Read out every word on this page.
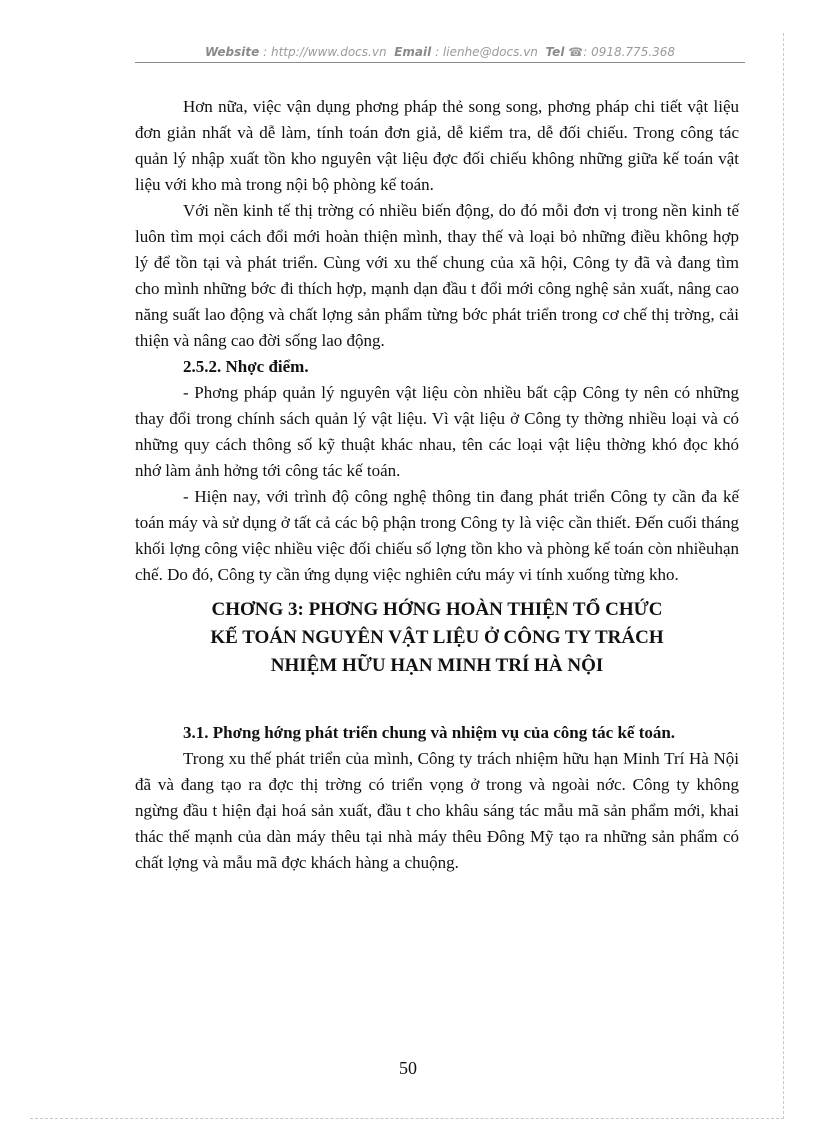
Website : http://www.docs.vn Email : lienhe@docs.vn Tel ☎: 0918.775.368

Hơn nữa, việc vận dụng phơng pháp thẻ song song, phơng pháp chi tiết vật liệu đơn giản nhất và dễ làm, tính toán đơn giả, dễ kiểm tra, dễ đối chiếu. Trong công tác quản lý nhập xuất tồn kho nguyên vật liệu đợc đối chiếu không những giữa kế toán vật liệu với kho mà trong nội bộ phòng kế toán.

Với nền kinh tế thị trờng có nhiều biến động, do đó mỗi đơn vị trong nền kinh tế luôn tìm mọi cách đổi mới hoàn thiện mình, thay thế và loại bỏ những điều không hợp lý để tồn tại và phát triển. Cùng với xu thế chung của xã hội, Công ty đã và đang tìm cho mình những bớc đi thích hợp, mạnh dạn đầu t đổi mới công nghệ sản xuất, nâng cao năng suất lao động và chất lợng sản phẩm từng bớc phát triển trong cơ chế thị trờng, cải thiện và nâng cao đời sống lao động.

2.5.2. Nhợc điểm.

- Phơng pháp quản lý nguyên vật liệu còn nhiều bất cập Công ty nên có những thay đổi trong chính sách quản lý vật liệu. Vì vật liệu ở Công ty thờng nhiều loại và có những quy cách thông số kỹ thuật khác nhau, tên các loại vật liệu thờng khó đọc khó nhớ làm ảnh hởng tới công tác kế toán.

- Hiện nay, với trình độ công nghệ thông tin đang phát triển Công ty cần đa kế toán máy và sử dụng ở tất cả các bộ phận trong Công ty là việc cần thiết. Đến cuối tháng khối lợng công việc nhiều việc đối chiếu số lợng tồn kho và phòng kế toán còn nhiềuhạn chế. Do đó, Công ty cần ứng dụng việc nghiên cứu máy vi tính xuống từng kho.

CHƠNG 3: PHƠNG HỚNG HOÀN THIỆN TỔ CHỨC
KẾ TOÁN NGUYÊN VẬT LIỆU Ở CÔNG TY TRÁCH
NHIỆM HỮU HẠN MINH TRÍ HÀ NỘI

3.1. Phơng hớng phát triển chung và nhiệm vụ của công tác kế toán.

Trong xu thế phát triển của mình, Công ty trách nhiệm hữu hạn Minh Trí Hà Nội đã và đang tạo ra đợc thị trờng có triển vọng ở trong và ngoài nớc. Công ty không ngừng đầu t hiện đại hoá sản xuất, đầu t cho khâu sáng tác mẫu mã sản phẩm mới, khai thác thế mạnh của dàn máy thêu tại nhà máy thêu Đông Mỹ tạo ra những sản phẩm có chất lợng và mẫu mã đợc khách hàng a chuộng.

50
